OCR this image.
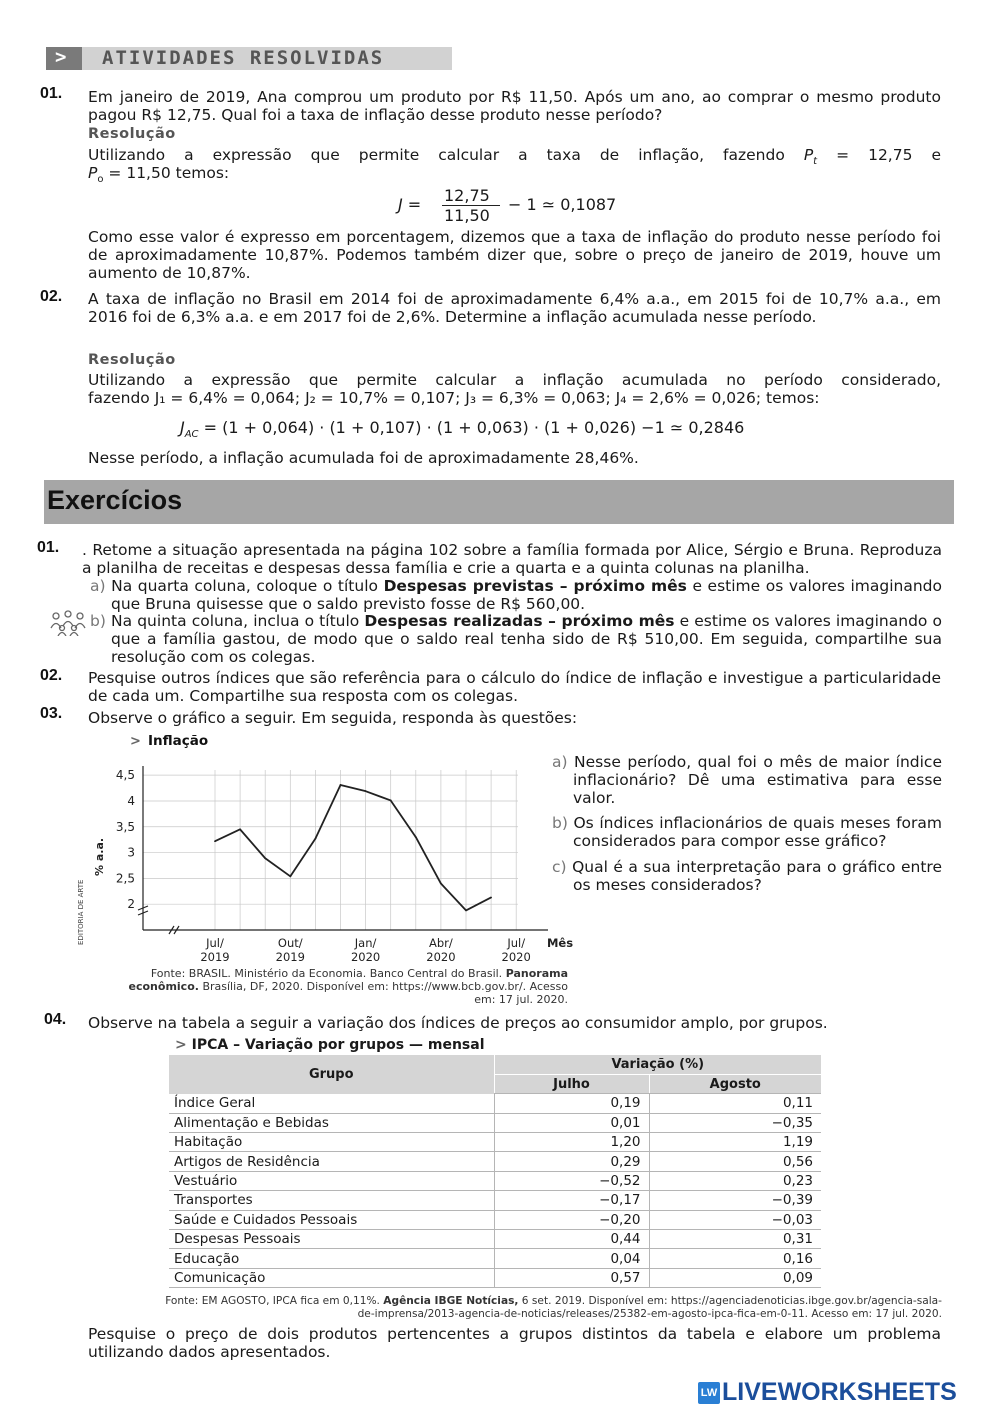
> ATIVIDADES RESOLVIDAS
01. Em janeiro de 2019, Ana comprou um produto por R$ 11,50. Após um ano, ao comprar o mesmo produto pagou R$ 12,75. Qual foi a taxa de inflação desse produto nesse período?
Resolução
Utilizando a expressão que permite calcular a taxa de inflação, fazendo $P_t = 12,75$ e
$P_o = 11,50$ temos:
J = 12,75
11,50
− 1 ≃ 0,1087
Como esse valor é expresso em porcentagem, dizemos que a taxa de inflação do produto nesse período foi de aproximadamente 10,87%. Podemos também dizer que, sobre o preço de janeiro de 2019, houve um aumento de 10,87%.
02. A taxa de inflação no Brasil em 2014 foi de aproximadamente 6,4% a.a., em 2015 foi de 10,7% a.a., em 2016 foi de 6,3% a.a. e em 2017 foi de 2,6%. Determine a inflação acumulada nesse período.
Resolução
Utilizando a expressão que permite calcular a inflação acumulada no período considerado,
fazendo J₁ = 6,4% = 0,064; J₂ = 10,7% = 0,107; J₃ = 6,3% = 0,063; J₄ = 2,6% = 0,026; temos:
$J_{AC} = (1 + 0,064) \cdot (1 + 0,107) \cdot (1 + 0,063) \cdot (1 + 0,026) -1$ ≃ 0,2846
Nesse período, a inflação acumulada foi de aproximadamente 28,46%.
Exercícios
01. . Retome a situação apresentada na página 102 sobre a família formada por Alice, Sérgio e Bruna. Reproduza a planilha de receitas e despesas dessa família e crie a quarta e a quinta colunas na planilha.
a) Na quarta coluna, coloque o título Despesas previstas – próximo mês e estime os valores imaginando que Bruna quisesse que o saldo previsto fosse de R$ 560,00.
b) Na quinta coluna, inclua o título Despesas realizadas – próximo mês e estime os valores imaginando o que a família gastou, de modo que o saldo real tenha sido de R$ 510,00. Em seguida, compartilhe sua resolução com os colegas.
02. Pesquise outros índices que são referência para o cálculo do índice de inflação e investigue a particularidade de cada um. Compartilhe sua resposta com os colegas.
03. Observe o gráfico a seguir. Em seguida, responda às questões:
> Inflação
2
2,5
3
3,5
4
4,5
% a.a.
EDITORIA DE ARTE	Jul/
2019
Out/
2019
Jan/
2020
Abr/
2020
Jul/
2020
Mês
a) Nesse período, qual foi o mês de maior índice inflacionário? Dê uma estimativa para esse valor.
b) Os índices inflacionários de quais meses foram considerados para compor esse gráfico?
c) Qual é a sua interpretação para o gráfico entre os meses considerados?
Fonte: BRASIL. Ministério da Economia. Banco Central do Brasil. Panorama econômico. Brasília, DF, 2020. Disponível em: https://www.bcb.gov.br/. Acesso em: 17 jul. 2020.
04. Observe na tabela a seguir a variação dos índices de preços ao consumidor amplo, por grupos.
> IPCA – Variação por grupos — mensal
Grupo	Variação (%)	
	Julho	Agosto
Índice Geral	0,19	0,11
Alimentação e Bebidas	0,01	−0,35
Habitação	1,20	1,19
Artigos de Residência	0,29	0,56
Vestuário	−0,52	0,23
Transportes	−0,17	−0,39
Saúde e Cuidados Pessoais	−0,20	−0,03
Despesas Pessoais	0,44	0,31
Educação	0,04	0,16
Comunicação	0,57	0,09
Fonte: EM AGOSTO, IPCA fica em 0,11%. Agência IBGE Notícias, 6 set. 2019. Disponível em: https://agenciadenoticias.ibge.gov.br/agencia-sala-
de-imprensa/2013-agencia-de-noticias/releases/25382-em-agosto-ipca-fica-em-0-11. Acesso em: 17 jul. 2020.
Pesquise o preço de dois produtos pertencentes a grupos distintos da tabela e elabore um problema utilizando dados apresentados.
LW LIVEWORKSHEETS
